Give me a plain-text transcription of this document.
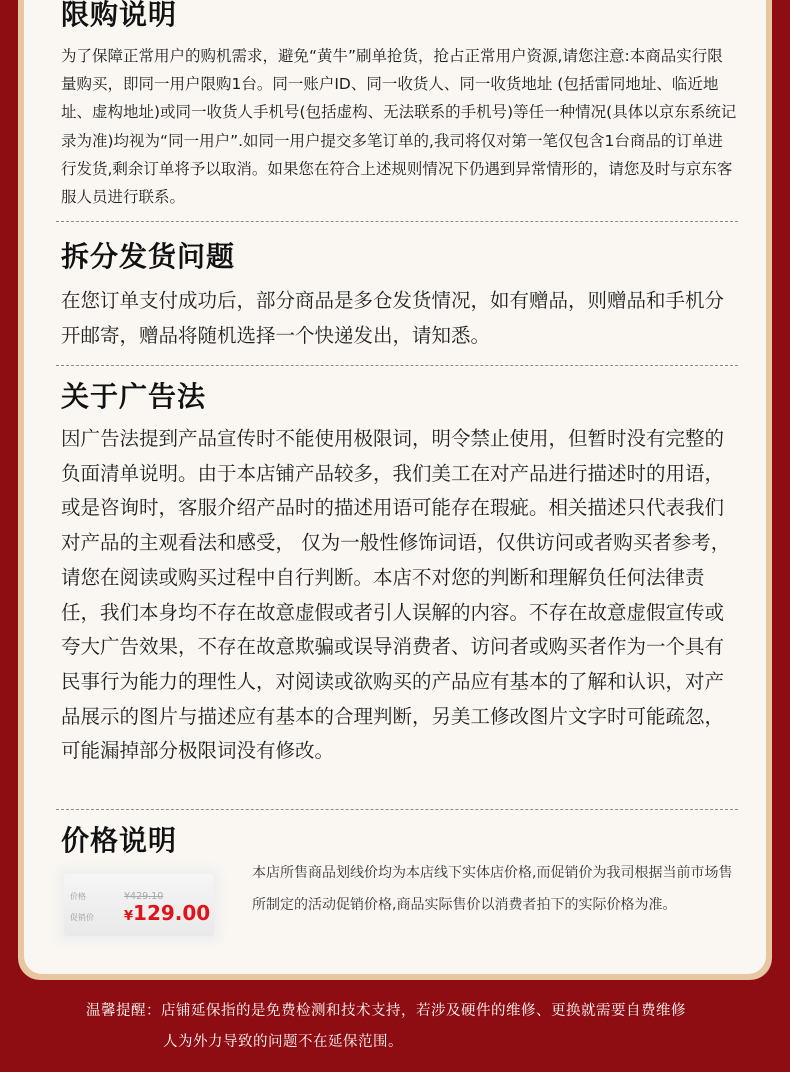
限购说明
为了保障正常用户的购机需求，避免“黄牛”刷单抢货，抢占正常用户资源,请您注意:本商品实行限量购买，即同一用户限购1台。同一账户ID、同一收货人、同一收货地址 (包括雷同地址、临近地址、虚构地址)或同一收货人手机号(包括虚构、无法联系的手机号)等任一种情况(具体以京东系统记录为准)均视为“同一用户”.如同一用户提交多笔订单的,我司将仅对第一笔仅包含1台商品的订单进行发货,剩余订单将予以取消。如果您在符合上述规则情况下仍遇到异常情形的，请您及时与京东客服人员进行联系。
拆分发货问题
在您订单支付成功后，部分商品是多仓发货情况，如有赠品，则赠品和手机分开邮寄，赠品将随机选择一个快递发出，请知悉。
关于广告法
因广告法提到产品宣传时不能使用极限词，明令禁止使用，但暂时没有完整的负面清单说明。由于本店铺产品较多，我们美工在对产品进行描述时的用语，或是咨询时，客服介绍产品时的描述用语可能存在瑕疵。相关描述只代表我们对产品的主观看法和感受， 仅为一般性修饰词语，仅供访问或者购买者参考，请您在阅读或购买过程中自行判断。本店不对您的判断和理解负任何法律责任，我们本身均不存在故意虚假或者引人误解的内容。不存在故意虚假宣传或夸大广告效果，不存在故意欺骗或误导消费者、访问者或购买者作为一个具有民事行为能力的理性人，对阅读或欲购买的产品应有基本的了解和认识，对产品展示的图片与描述应有基本的合理判断，另美工修改图片文字时可能疏忽，可能漏掉部分极限词没有修改。
价格说明
价格	¥429.10
促销价 ¥129.00
本店所售商品划线价均为本店线下实体店价格,而促销价为我司根据当前市场售所制定的活动促销价格,商品实际售价以消费者拍下的实际价格为准。
温馨提醒：店铺延保指的是免费检测和技术支持，若涉及硬件的维修、更换就需要自费维修
人为外力导致的问题不在延保范围。
